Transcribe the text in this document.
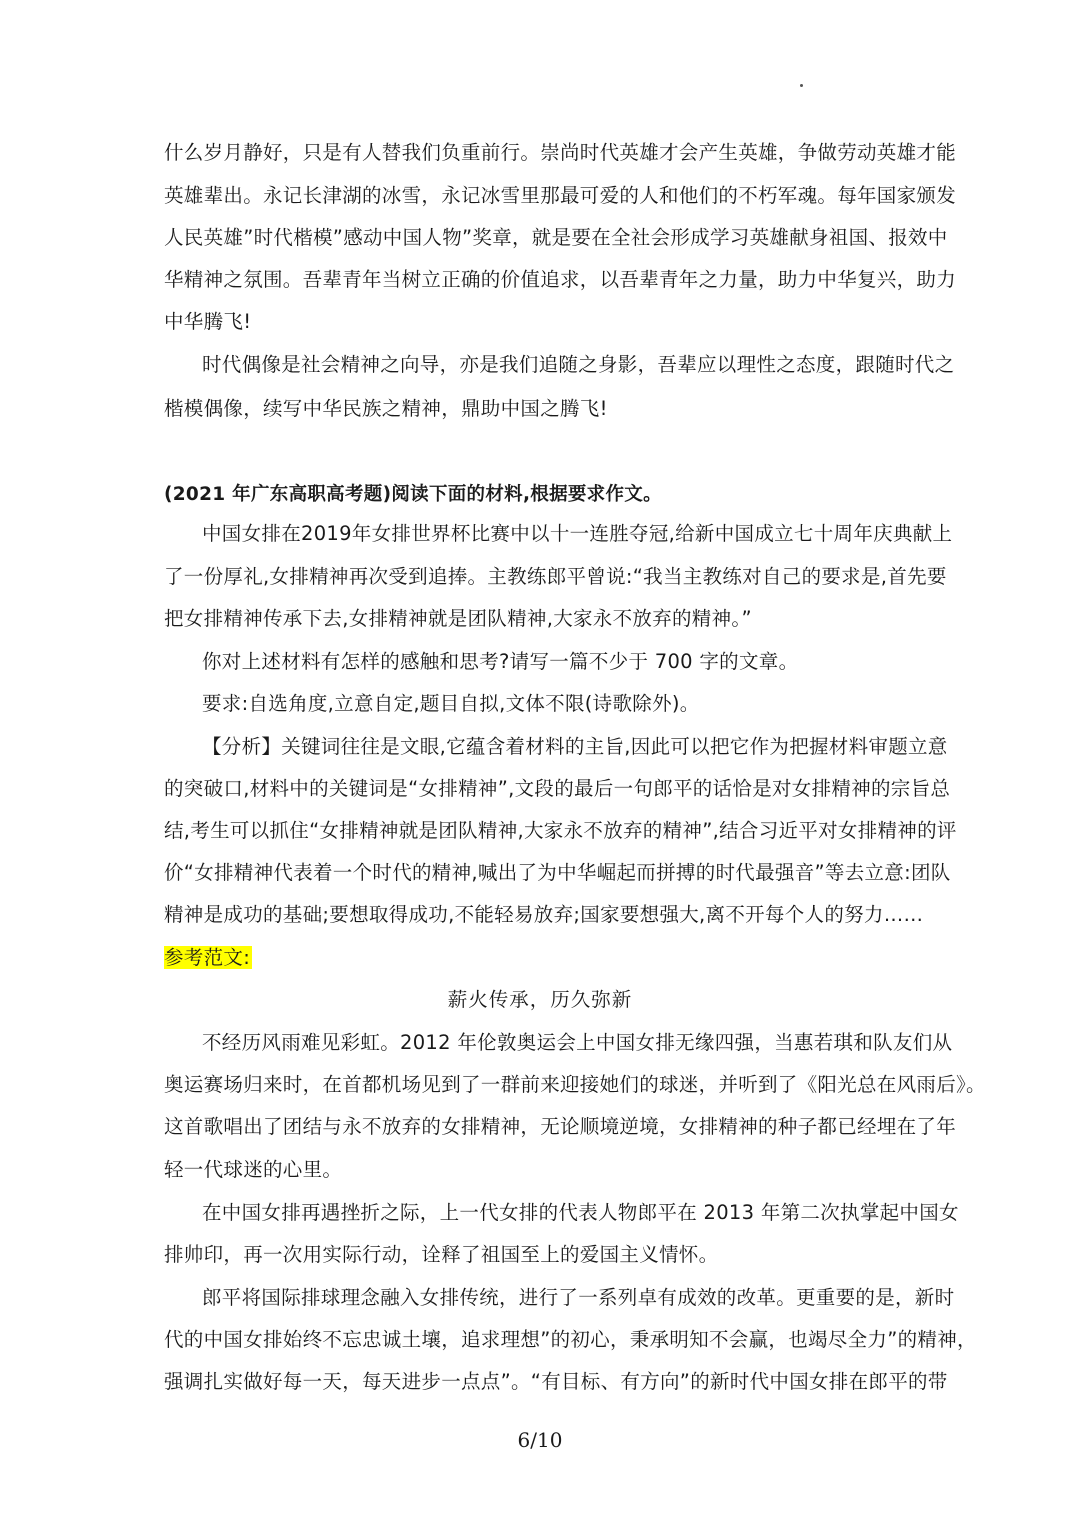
什么岁月静好，只是有人替我们负重前行。崇尚时代英雄才会产生英雄，争做劳动英雄才能
英雄辈出。永记长津湖的冰雪，永记冰雪里那最可爱的人和他们的不朽军魂。每年国家颁发
人民英雄”时代楷模”感动中国人物”奖章，就是要在全社会形成学习英雄献身祖国、报效中
华精神之氛围。吾辈青年当树立正确的价值追求，以吾辈青年之力量，助力中华复兴，助力
中华腾飞!
时代偶像是社会精神之向导，亦是我们追随之身影，吾辈应以理性之态度，跟随时代之
楷模偶像，续写中华民族之精神，鼎助中国之腾飞!
(2021 年广东高职高考题)阅读下面的材料,根据要求作文。
中国女排在2019年女排世界杯比赛中以十一连胜夺冠,给新中国成立七十周年庆典献上
了一份厚礼,女排精神再次受到追捧。主教练郎平曾说:“我当主教练对自己的要求是,首先要
把女排精神传承下去,女排精神就是团队精神,大家永不放弃的精神。”
你对上述材料有怎样的感触和思考?请写一篇不少于 700 字的文章。
要求:自选角度,立意自定,题目自拟,文体不限(诗歌除外)。
【分析】关键词往往是文眼,它蕴含着材料的主旨,因此可以把它作为把握材料审题立意
的突破口,材料中的关键词是“女排精神”,文段的最后一句郎平的话恰是对女排精神的宗旨总
结,考生可以抓住“女排精神就是团队精神,大家永不放弃的精神”,结合习近平对女排精神的评
价“女排精神代表着一个时代的精神,喊出了为中华崛起而拼搏的时代最强音”等去立意:团队
精神是成功的基础;要想取得成功,不能轻易放弃;国家要想强大,离不开每个人的努力……
参考范文:
薪火传承，历久弥新
不经历风雨难见彩虹。2012 年伦敦奥运会上中国女排无缘四强，当惠若琪和队友们从
奥运赛场归来时，在首都机场见到了一群前来迎接她们的球迷，并听到了《阳光总在风雨后》。
这首歌唱出了团结与永不放弃的女排精神，无论顺境逆境，女排精神的种子都已经埋在了年
轻一代球迷的心里。
在中国女排再遇挫折之际，上一代女排的代表人物郎平在 2013 年第二次执掌起中国女
排帅印，再一次用实际行动，诠释了祖国至上的爱国主义情怀。
郎平将国际排球理念融入女排传统，进行了一系列卓有成效的改革。更重要的是，新时
代的中国女排始终不忘忠诚土壤，追求理想”的初心，秉承明知不会赢，也竭尽全力”的精神，
强调扎实做好每一天，每天进步一点点”。“有目标、有方向”的新时代中国女排在郎平的带
6/10
